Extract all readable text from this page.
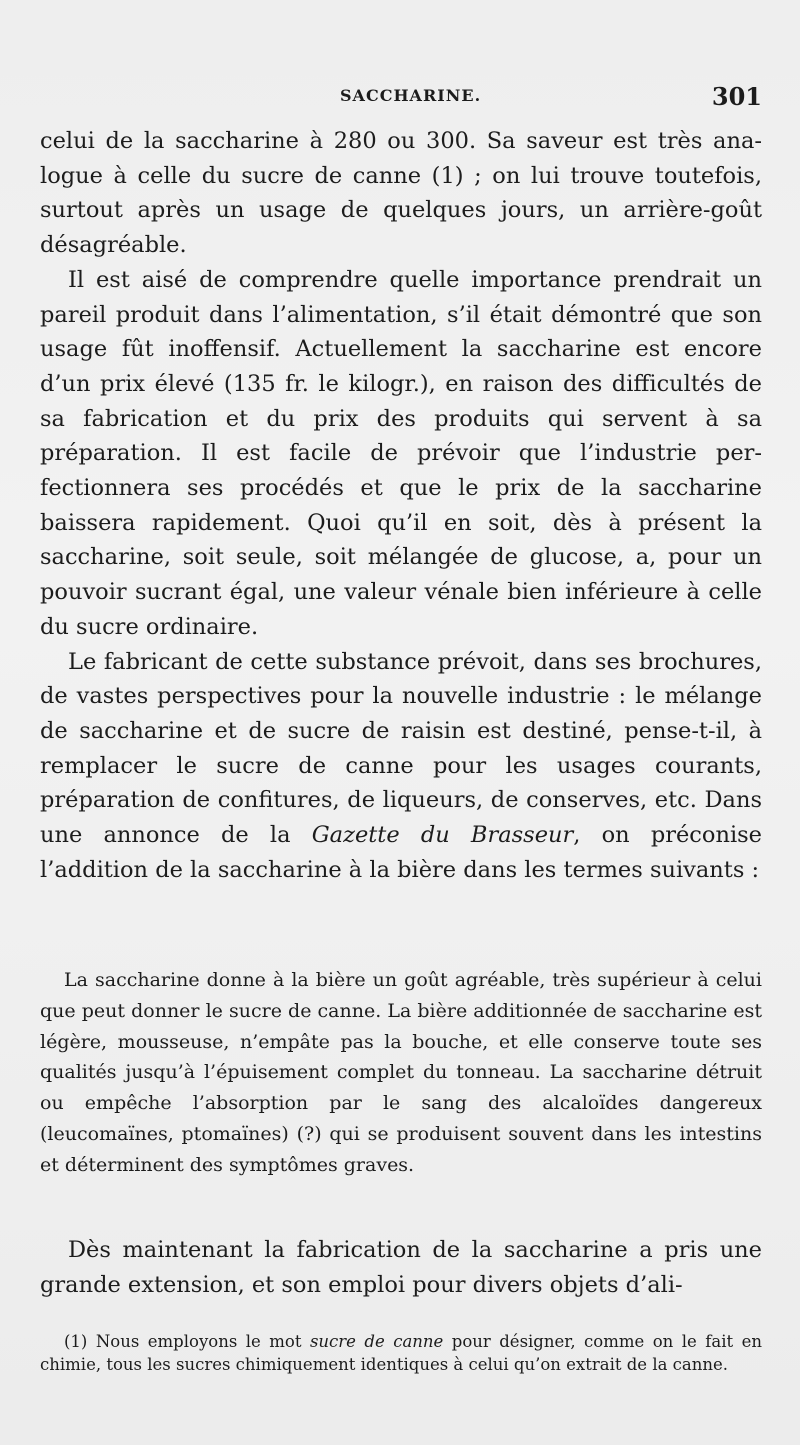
SACCHARINE.	301

celui de la saccharine à 280 ou 300. Sa saveur est très analogue à celle du sucre de canne (1) ; on lui trouve toutefois, surtout après un usage de quelques jours, un arrière-goût désagréable.

Il est aisé de comprendre quelle importance prendrait un pareil produit dans l’alimentation, s’il était démontré que son usage fût inoffensif. Actuellement la saccharine est encore d’un prix élevé (135 fr. le kilogr.), en raison des difficultés de sa fabrication et du prix des produits qui servent à sa préparation. Il est facile de prévoir que l’industrie perfectionnera ses procédés et que le prix de la saccharine baissera rapidement. Quoi qu’il en soit, dès à présent la saccharine, soit seule, soit mélangée de glucose, a, pour un pouvoir sucrant égal, une valeur vénale bien inférieure à celle du sucre ordinaire.

Le fabricant de cette substance prévoit, dans ses brochures, de vastes perspectives pour la nouvelle industrie : le mélange de saccharine et de sucre de raisin est destiné, pense-t-il, à remplacer le sucre de canne pour les usages courants, préparation de confitures, de liqueurs, de conserves, etc. Dans une annonce de la Gazette du Brasseur, on préconise l’addition de la saccharine à la bière dans les termes suivants :

La saccharine donne à la bière un goût agréable, très supérieur à celui que peut donner le sucre de canne. La bière additionnée de saccharine est légère, mousseuse, n’empâte pas la bouche, et elle conserve toute ses qualités jusqu’à l’épuisement complet du tonneau. La saccharine détruit ou empêche l’absorption par le sang des alcaloïdes dangereux (leucomaïnes, ptomaïnes) (?) qui se produisent souvent dans les intestins et déterminent des symptômes graves.
Dès maintenant la fabrication de la saccharine a pris une grande extension, et son emploi pour divers objets d’ali-
(1) Nous employons le mot sucre de canne pour désigner, comme on le fait en chimie, tous les sucres chimiquement identiques à celui qu’on extrait de la canne.
